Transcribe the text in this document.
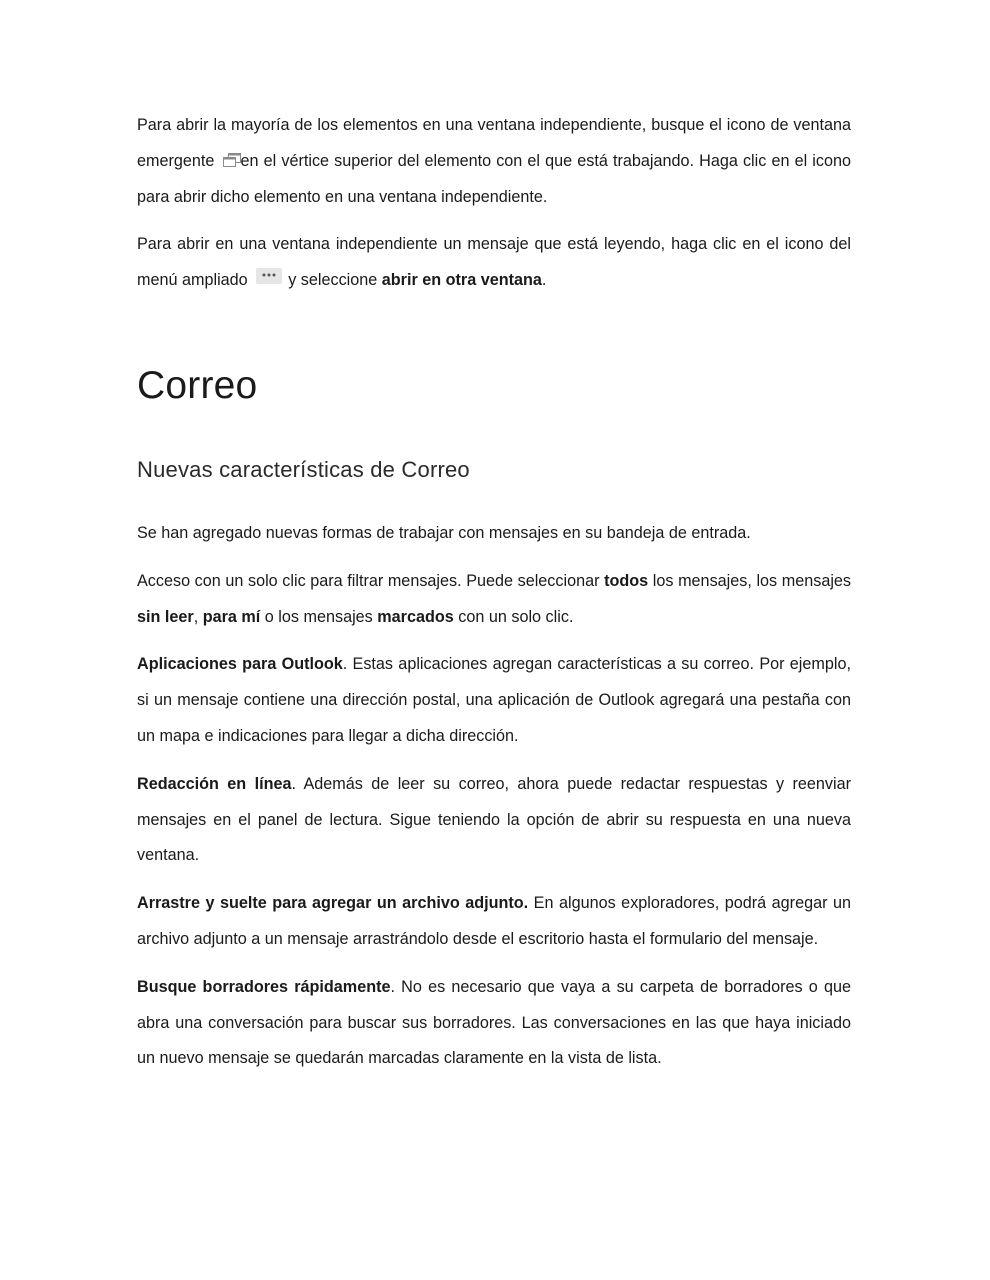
Para abrir la mayoría de los elementos en una ventana independiente, busque el icono de ventana emergente en el vértice superior del elemento con el que está trabajando. Haga clic en el icono para abrir dicho elemento en una ventana independiente.

Para abrir en una ventana independiente un mensaje que está leyendo, haga clic en el icono del menú ampliado	y seleccione abrir en otra ventana.

Correo
Nuevas características de Correo

Se han agregado nuevas formas de trabajar con mensajes en su bandeja de entrada.

Acceso con un solo clic para filtrar mensajes. Puede seleccionar todos los mensajes, los mensajes sin leer, para mí o los mensajes marcados con un solo clic.

Aplicaciones para Outlook. Estas aplicaciones agregan características a su correo. Por ejemplo, si un mensaje contiene una dirección postal, una aplicación de Outlook agregará una pestaña con un mapa e indicaciones para llegar a dicha dirección.

Redacción en línea. Además de leer su correo, ahora puede redactar respuestas y reenviar mensajes en el panel de lectura. Sigue teniendo la opción de abrir su respuesta en una nueva ventana.

Arrastre y suelte para agregar un archivo adjunto. En algunos exploradores, podrá agregar un archivo adjunto a un mensaje arrastrándolo desde el escritorio hasta el formulario del mensaje.

Busque borradores rápidamente. No es necesario que vaya a su carpeta de borradores o que abra una conversación para buscar sus borradores. Las conversaciones en las que haya iniciado un nuevo mensaje se quedarán marcadas claramente en la vista de lista.
